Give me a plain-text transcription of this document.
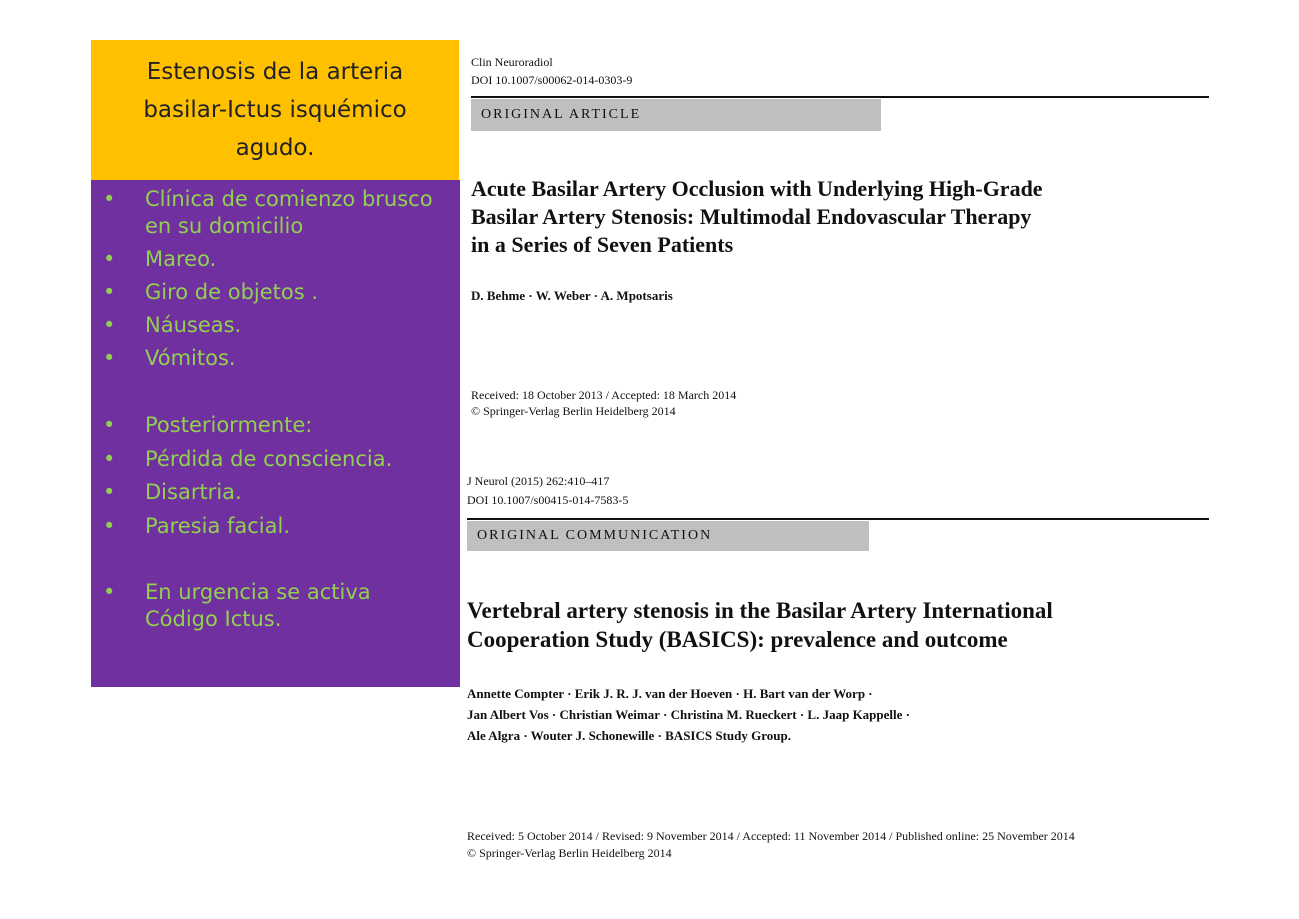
Estenosis de la arteria basilar-Ictus isquémico agudo.
• Clínica de comienzo brusco en su domicilio
• Mareo.
• Giro de objetos .
• Náuseas.
• Vómitos.
• Posteriormente:
• Pérdida de consciencia.
• Disartria.
• Paresia facial.
• En urgencia se activa Código Ictus.
Clin Neuroradiol
DOI 10.1007/s00062-014-0303-9
ORIGINAL ARTICLE
Acute Basilar Artery Occlusion with Underlying High-Grade
Basilar Artery Stenosis: Multimodal Endovascular Therapy
in a Series of Seven Patients
D. Behme · W. Weber · A. Mpotsaris
Received: 18 October 2013 / Accepted: 18 March 2014
© Springer-Verlag Berlin Heidelberg 2014
J Neurol (2015) 262:410–417
DOI 10.1007/s00415-014-7583-5
ORIGINAL COMMUNICATION
Vertebral artery stenosis in the Basilar Artery International
Cooperation Study (BASICS): prevalence and outcome
Annette Compter · Erik J. R. J. van der Hoeven · H. Bart van der Worp ·
Jan Albert Vos · Christian Weimar · Christina M. Rueckert · L. Jaap Kappelle ·
Ale Algra · Wouter J. Schonewille · BASICS Study Group.
Received: 5 October 2014 / Revised: 9 November 2014 / Accepted: 11 November 2014 / Published online: 25 November 2014
© Springer-Verlag Berlin Heidelberg 2014
